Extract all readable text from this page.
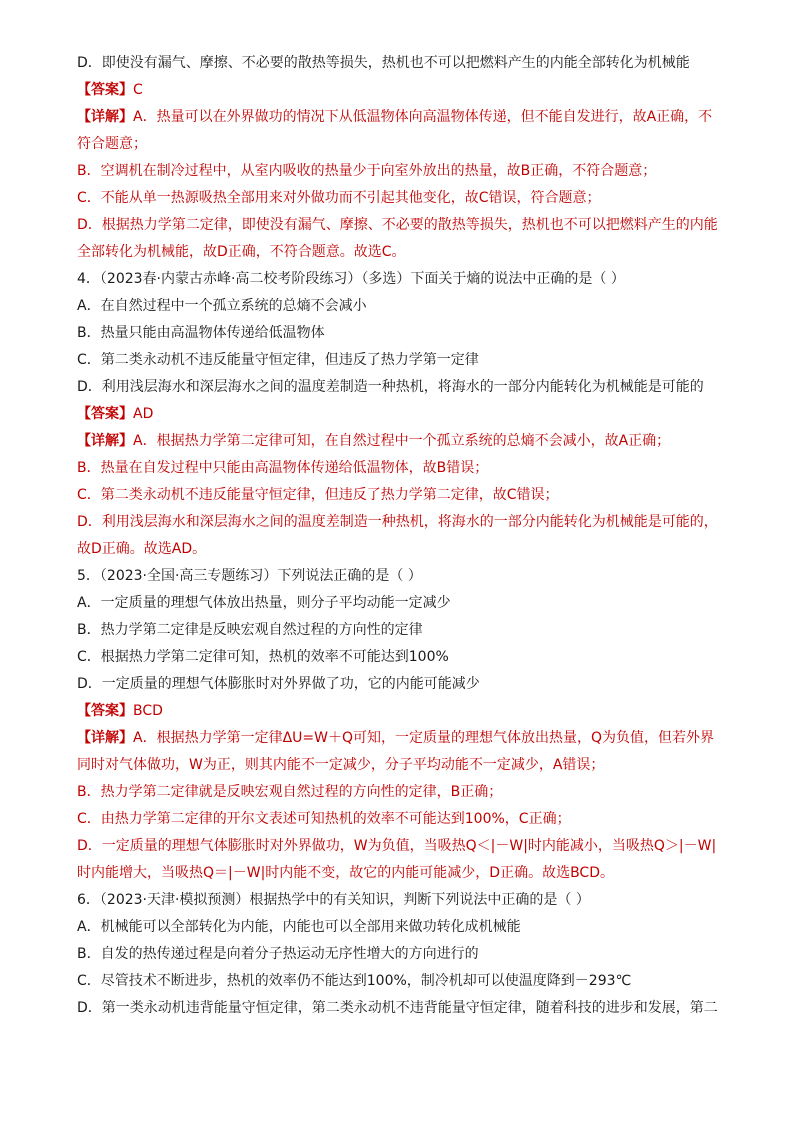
D．即使没有漏气、摩擦、不必要的散热等损失，热机也不可以把燃料产生的内能全部转化为机械能
【答案】C
【详解】A．热量可以在外界做功的情况下从低温物体向高温物体传递，但不能自发进行，故A正确，不
符合题意；
B．空调机在制冷过程中，从室内吸收的热量少于向室外放出的热量，故B正确，不符合题意；
C．不能从单一热源吸热全部用来对外做功而不引起其他变化，故C错误，符合题意；
D．根据热力学第二定律，即使没有漏气、摩擦、不必要的散热等损失，热机也不可以把燃料产生的内能
全部转化为机械能，故D正确，不符合题意。故选C。
4．（2023春·内蒙古赤峰·高二校考阶段练习）（多选）下面关于熵的说法中正确的是（ ）
A．在自然过程中一个孤立系统的总熵不会减小
B．热量只能由高温物体传递给低温物体
C．第二类永动机不违反能量守恒定律，但违反了热力学第一定律
D．利用浅层海水和深层海水之间的温度差制造一种热机，将海水的一部分内能转化为机械能是可能的
【答案】AD
【详解】A．根据热力学第二定律可知，在自然过程中一个孤立系统的总熵不会减小，故A正确；
B．热量在自发过程中只能由高温物体传递给低温物体，故B错误；
C．第二类永动机不违反能量守恒定律，但违反了热力学第二定律，故C错误；
D．利用浅层海水和深层海水之间的温度差制造一种热机，将海水的一部分内能转化为机械能是可能的，
故D正确。故选AD。
5．（2023·全国·高三专题练习）下列说法正确的是（ ）
A．一定质量的理想气体放出热量，则分子平均动能一定减少
B．热力学第二定律是反映宏观自然过程的方向性的定律
C．根据热力学第二定律可知，热机的效率不可能达到100%
D．一定质量的理想气体膨胀时对外界做了功，它的内能可能减少
【答案】BCD
【详解】A．根据热力学第一定律ΔU=W＋Q可知，一定质量的理想气体放出热量，Q为负值，但若外界
同时对气体做功，W为正，则其内能不一定减少，分子平均动能不一定减少，A错误；
B．热力学第二定律就是反映宏观自然过程的方向性的定律，B正确；
C．由热力学第二定律的开尔文表述可知热机的效率不可能达到100%，C正确；
D．一定质量的理想气体膨胀时对外界做功，W为负值，当吸热Q＜|－W|时内能减小，当吸热Q＞|－W|
时内能增大，当吸热Q＝|－W|时内能不变，故它的内能可能减少，D正确。故选BCD。
6．（2023·天津·模拟预测）根据热学中的有关知识，判断下列说法中正确的是（ ）
A．机械能可以全部转化为内能，内能也可以全部用来做功转化成机械能
B．自发的热传递过程是向着分子热运动无序性增大的方向进行的
C．尽管技术不断进步，热机的效率仍不能达到100%，制冷机却可以使温度降到－293℃
D．第一类永动机违背能量守恒定律，第二类永动机不违背能量守恒定律，随着科技的进步和发展，第二
